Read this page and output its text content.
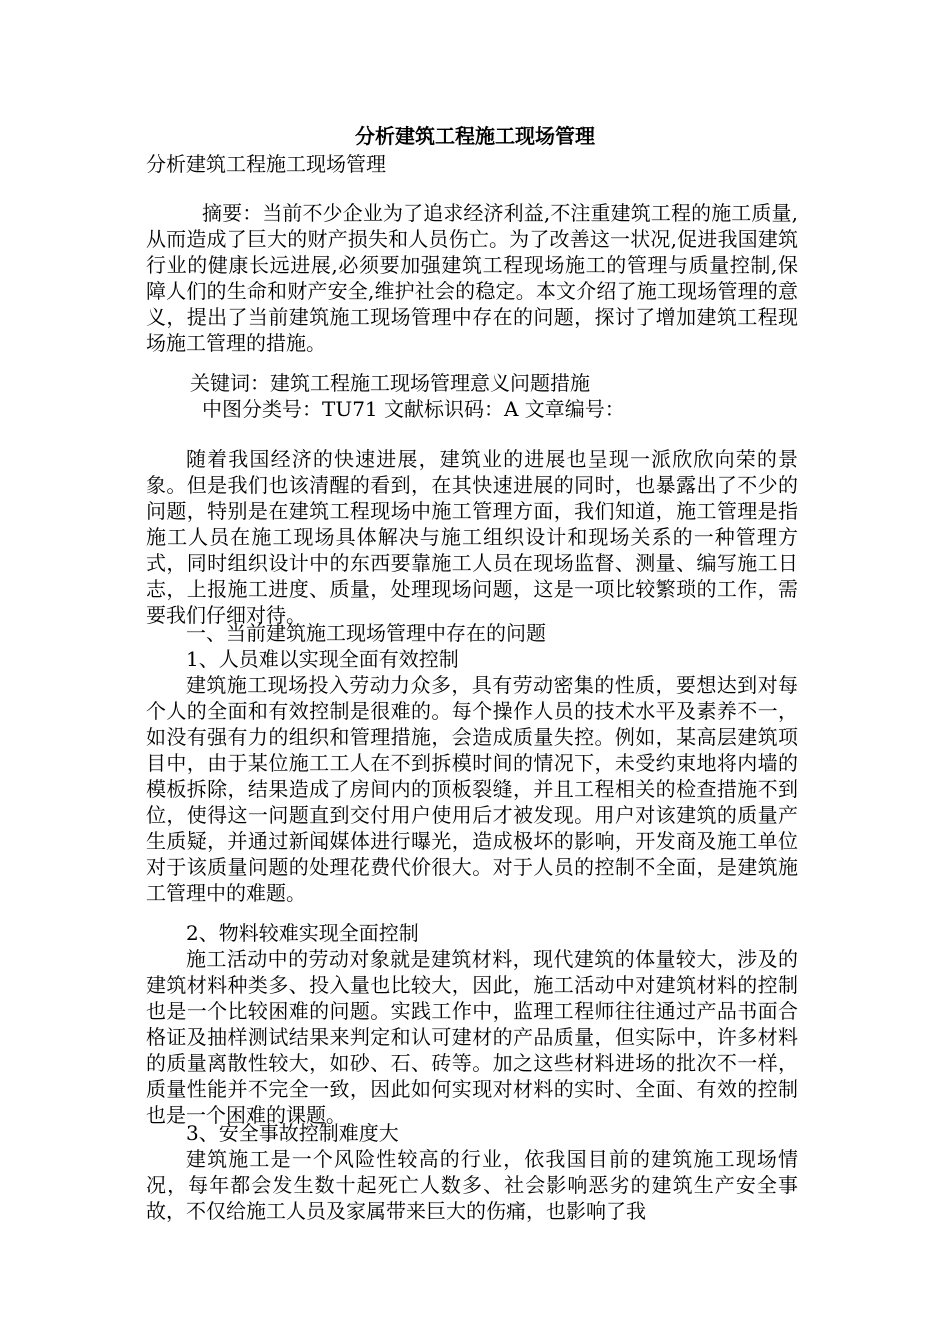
分析建筑工程施工现场管理

分析建筑工程施工现场管理

摘要：当前不少企业为了追求经济利益,不注重建筑工程的施工质量,从而造成了巨大的财产损失和人员伤亡。为了改善这一状况,促进我国建筑行业的健康长远进展,必须要加强建筑工程现场施工的管理与质量控制,保障人们的生命和财产安全,维护社会的稳定。本文介绍了施工现场管理的意义，提出了当前建筑施工现场管理中存在的问题，探讨了增加建筑工程现场施工管理的措施。

关键词：建筑工程施工现场管理意义问题措施

中图分类号：TU71 文献标识码：A 文章编号：

随着我国经济的快速进展，建筑业的进展也呈现一派欣欣向荣的景象。但是我们也该清醒的看到，在其快速进展的同时，也暴露出了不少的问题，特别是在建筑工程现场中施工管理方面，我们知道，施工管理是指施工人员在施工现场具体解决与施工组织设计和现场关系的一种管理方式，同时组织设计中的东西要靠施工人员在现场监督、测量、编写施工日志，上报施工进度、质量，处理现场问题，这是一项比较繁琐的工作，需要我们仔细对待。

一、当前建筑施工现场管理中存在的问题

1、人员难以实现全面有效控制

建筑施工现场投入劳动力众多，具有劳动密集的性质，要想达到对每个人的全面和有效控制是很难的。每个操作人员的技术水平及素养不一，如没有强有力的组织和管理措施，会造成质量失控。例如，某高层建筑项目中，由于某位施工工人在不到拆模时间的情况下，未受约束地将内墙的模板拆除，结果造成了房间内的顶板裂缝，并且工程相关的检查措施不到位，使得这一问题直到交付用户使用后才被发现。用户对该建筑的质量产生质疑，并通过新闻媒体进行曝光，造成极坏的影响，开发商及施工单位对于该质量问题的处理花费代价很大。对于人员的控制不全面，是建筑施工管理中的难题。

2、物料较难实现全面控制

施工活动中的劳动对象就是建筑材料，现代建筑的体量较大，涉及的建筑材料种类多、投入量也比较大，因此，施工活动中对建筑材料的控制也是一个比较困难的问题。实践工作中，监理工程师往往通过产品书面合格证及抽样测试结果来判定和认可建材的产品质量，但实际中，许多材料的质量离散性较大，如砂、石、砖等。加之这些材料进场的批次不一样，质量性能并不完全一致，因此如何实现对材料的实时、全面、有效的控制也是一个困难的课题。

3、安全事故控制难度大

建筑施工是一个风险性较高的行业，依我国目前的建筑施工现场情况，每年都会发生数十起死亡人数多、社会影响恶劣的建筑生产安全事故，不仅给施工人员及家属带来巨大的伤痛，也影响了我
